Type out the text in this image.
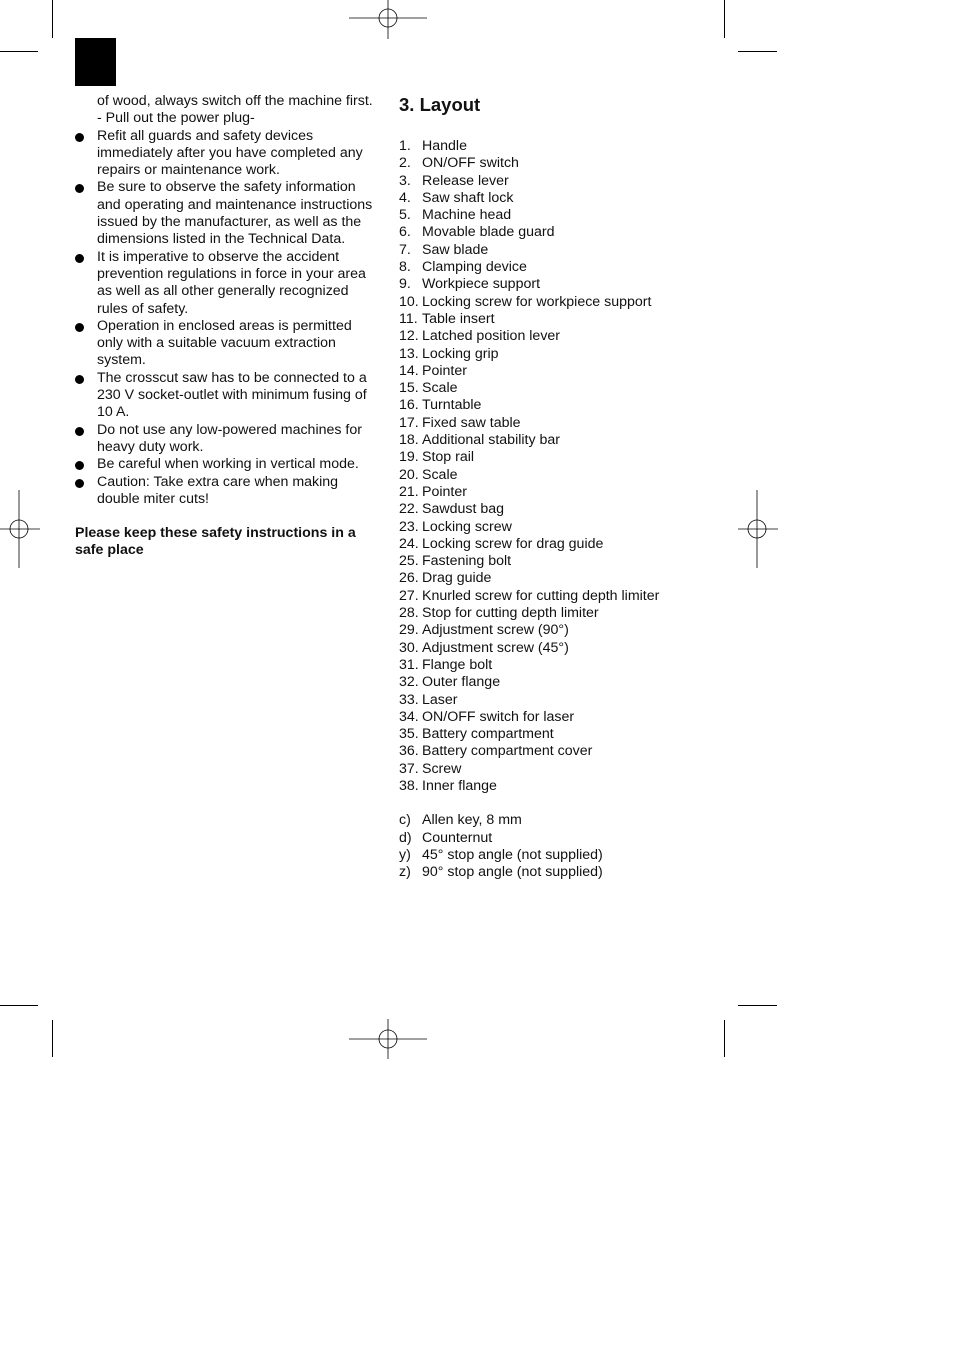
of wood, always switch off the machine first.
- Pull out the power plug-
Refit all guards and safety devices immediately after you have completed any repairs or maintenance work.
Be sure to observe the safety information and operating and maintenance instructions issued by the manufacturer, as well as the dimensions listed in the Technical Data.
It is imperative to observe the accident prevention regulations in force in your area as well as all other generally recognized rules of safety.
Operation in enclosed areas is permitted only with a suitable vacuum extraction system.
The crosscut saw has to be connected to a 230 V socket-outlet with minimum fusing of 10 A.
Do not use any low-powered machines for heavy duty work.
Be careful when working in vertical mode.
Caution: Take extra care when making double miter cuts!
Please keep these safety instructions in a safe place
3. Layout
1. Handle
2. ON/OFF switch
3. Release lever
4. Saw shaft lock
5. Machine head
6. Movable blade guard
7. Saw blade
8. Clamping device
9. Workpiece support
10. Locking screw for workpiece support
11. Table insert
12. Latched position lever
13. Locking grip
14. Pointer
15. Scale
16. Turntable
17. Fixed saw table
18. Additional stability bar
19. Stop rail
20. Scale
21. Pointer
22. Sawdust bag
23. Locking screw
24. Locking screw for drag guide
25. Fastening bolt
26. Drag guide
27. Knurled screw for cutting depth limiter
28. Stop for cutting depth limiter
29. Adjustment screw (90°)
30. Adjustment screw (45°)
31. Flange bolt
32. Outer flange
33. Laser
34. ON/OFF switch for laser
35. Battery compartment
36. Battery compartment cover
37. Screw
38. Inner flange
c) Allen key, 8 mm
d) Counternut
y) 45° stop angle (not supplied)
z) 90° stop angle (not supplied)
